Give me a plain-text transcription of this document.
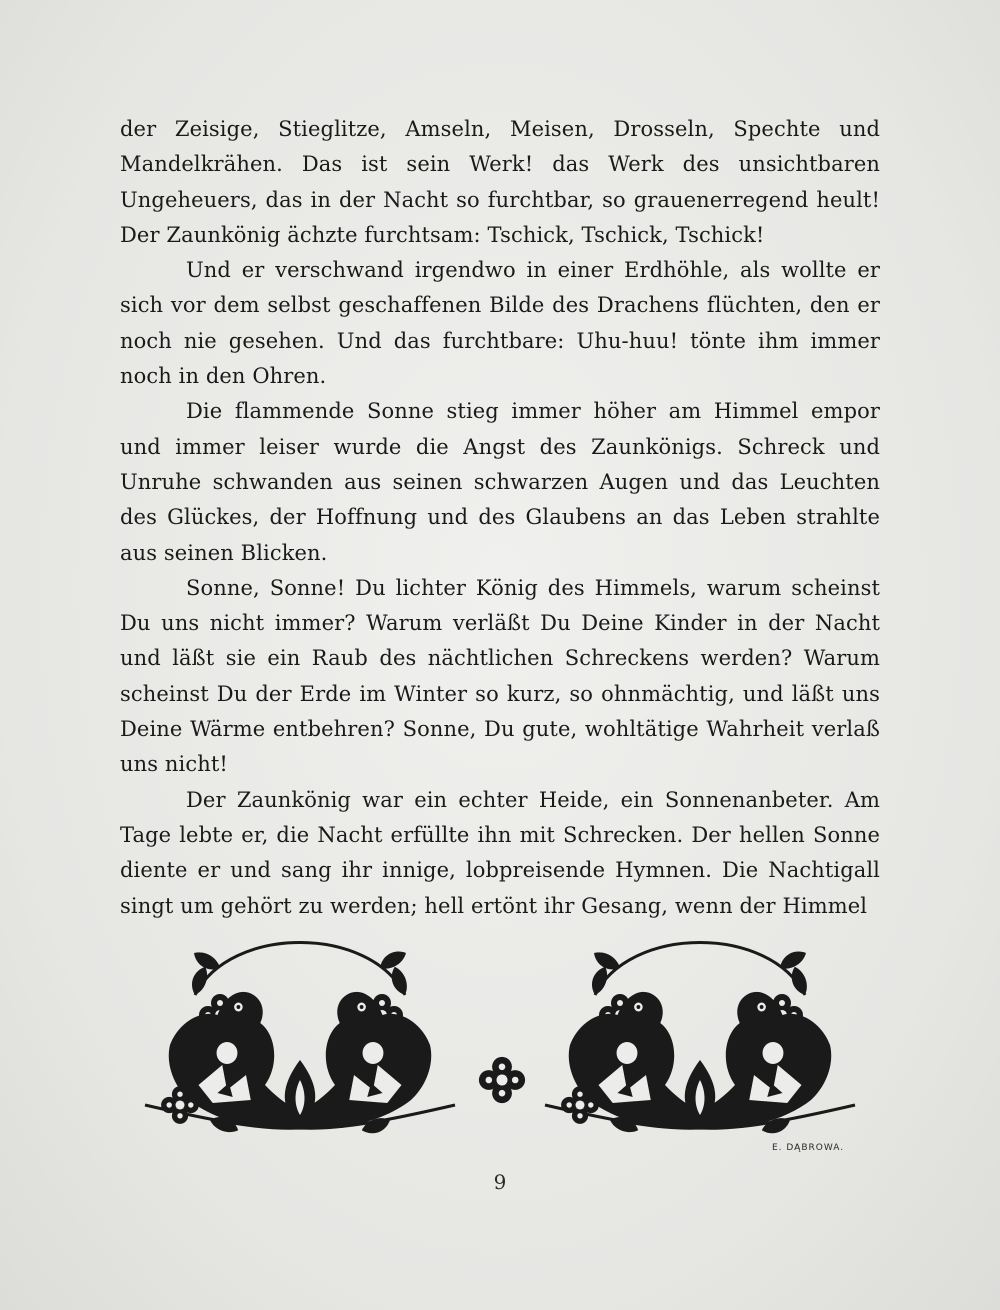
der Zeisige, Stieglitze, Amseln, Meisen, Drosseln, Spechte und Mandelkrähen. Das ist sein Werk! das Werk des unsichtbaren Ungeheuers, das in der Nacht so furchtbar, so grauenerregend heult! Der Zaunkönig ächzte furchtsam: Tschick, Tschick, Tschick!

Und er verschwand irgendwo in einer Erdhöhle, als wollte er sich vor dem selbst geschaffenen Bilde des Drachens flüchten, den er noch nie gesehen. Und das furchtbare: Uhu-huu! tönte ihm immer noch in den Ohren.

Die flammende Sonne stieg immer höher am Himmel empor und immer leiser wurde die Angst des Zaunkönigs. Schreck und Unruhe schwanden aus seinen schwarzen Augen und das Leuchten des Glückes, der Hoffnung und des Glaubens an das Leben strahlte aus seinen Blicken.

Sonne, Sonne! Du lichter König des Himmels, warum scheinst Du uns nicht immer? Warum verläßt Du Deine Kinder in der Nacht und läßt sie ein Raub des nächtlichen Schreckens werden? Warum scheinst Du der Erde im Winter so kurz, so ohnmächtig, und läßt uns Deine Wärme entbehren? Sonne, Du gute, wohltätige Wahrheit verlaß uns nicht!

Der Zaunkönig war ein echter Heide, ein Sonnenanbeter. Am Tage lebte er, die Nacht erfüllte ihn mit Schrecken. Der hellen Sonne diente er und sang ihr innige, lobpreisende Hymnen. Die Nachtigall singt um gehört zu werden; hell ertönt ihr Gesang, wenn der Himmel

E. DĄBROWA.
9
